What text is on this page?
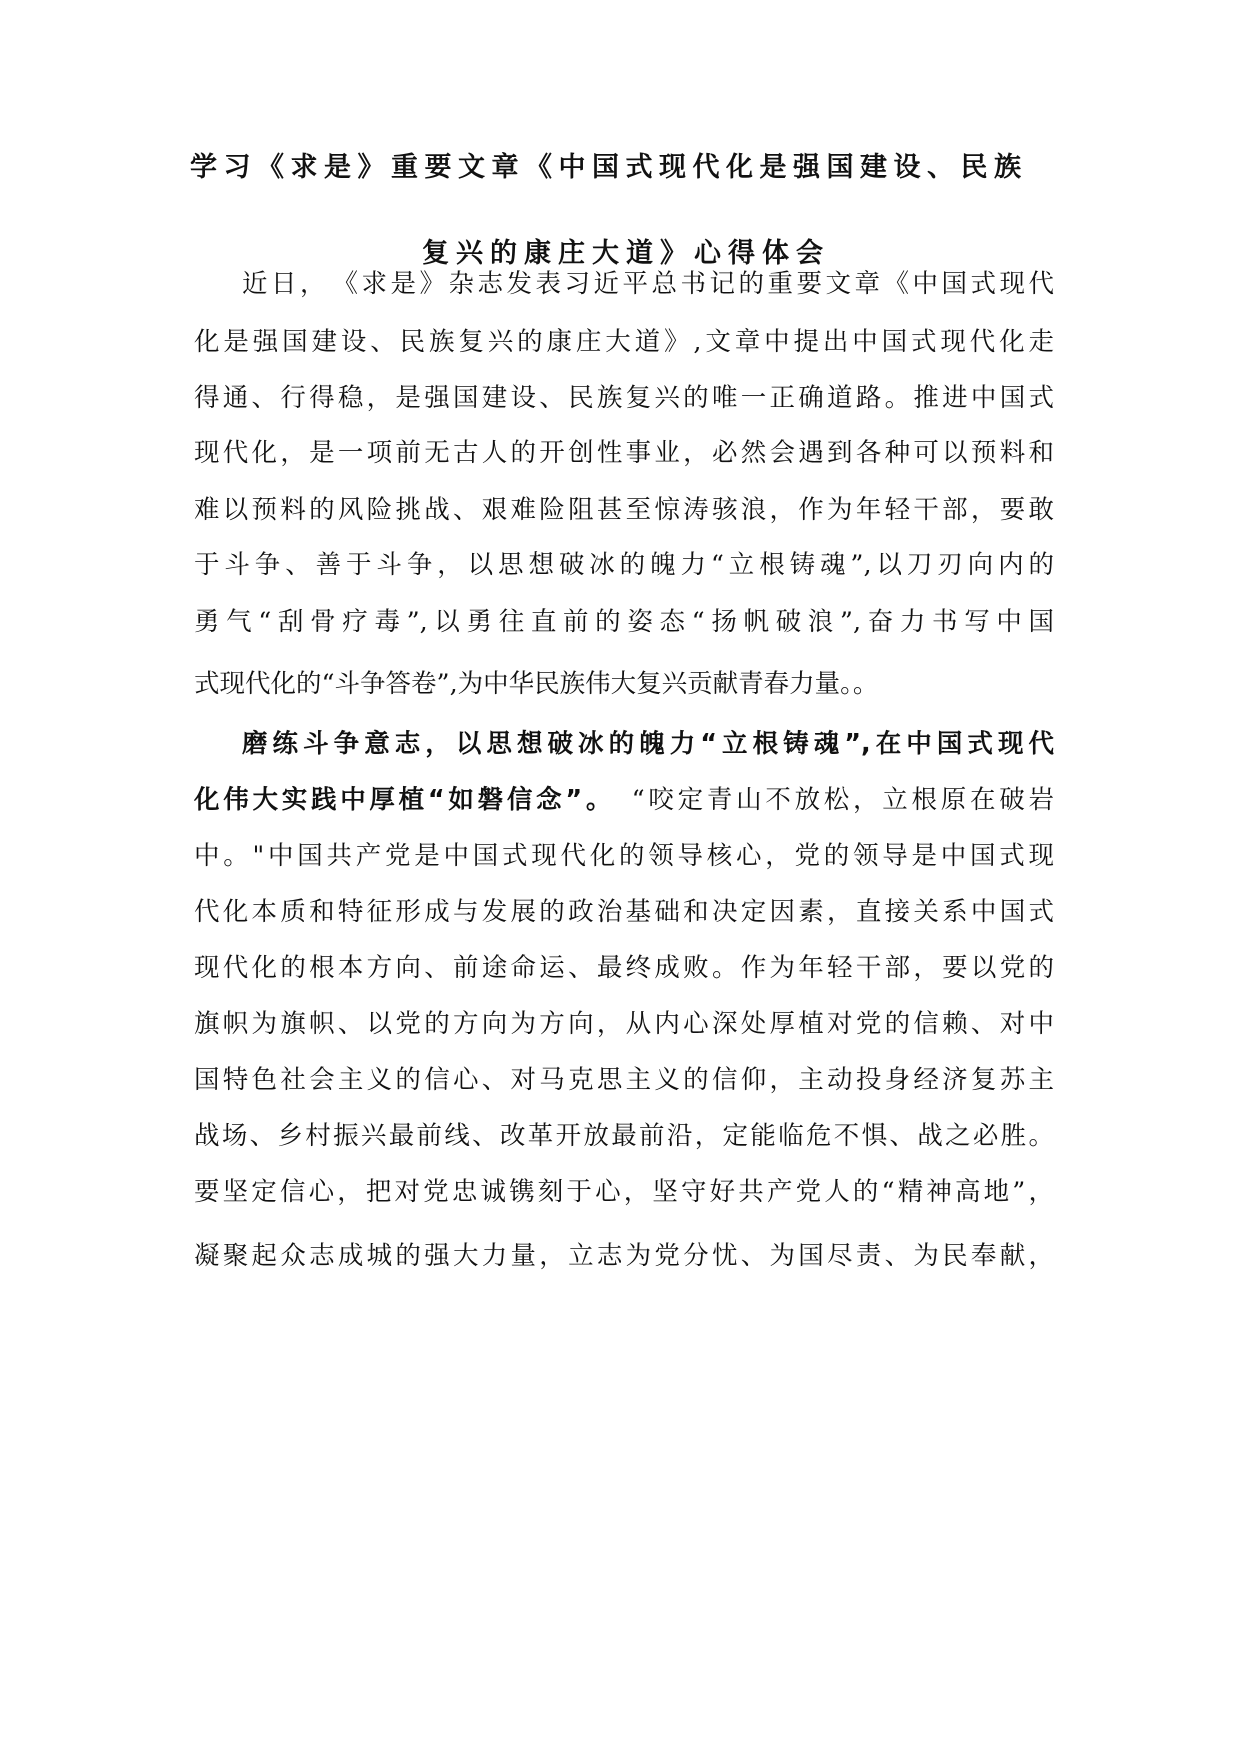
学习《求是》重要文章《中国式现代化是强国建设、民族
复兴的康庄大道》心得体会

近日，　《求是》杂志发表习近平总书记的重要文章《中国式现代

化是强国建设、民族复兴的康庄大道》,文章中提出中国式现代化走

得通、行得稳，是强国建设、民族复兴的唯一正确道路。推进中国式

现代化，是一项前无古人的开创性事业，必然会遇到各种可以预料和

难以预料的风险挑战、艰难险阻甚至惊涛骇浪，作为年轻干部，要敢

于斗争、善于斗争，以思想破冰的魄力“立根铸魂”,以刀刃向内的

勇气“刮骨疗毒”,以勇往直前的姿态“扬帆破浪”,奋力书写中国

式现代化的“斗争答卷”,为中华民族伟大复兴贡献青春力量。。

磨练斗争意志，以思想破冰的魄力“立根铸魂”,在中国式现代

化伟大实践中厚植“如磐信念”。　“咬定青山不放松，立根原在破岩

中。"中国共产党是中国式现代化的领导核心，党的领导是中国式现

代化本质和特征形成与发展的政治基础和决定因素，直接关系中国式

现代化的根本方向、前途命运、最终成败。作为年轻干部，要以党的

旗帜为旗帜、以党的方向为方向，从内心深处厚植对党的信赖、对中

国特色社会主义的信心、对马克思主义的信仰，主动投身经济复苏主

战场、乡村振兴最前线、改革开放最前沿，定能临危不惧、战之必胜。

要坚定信心，把对党忠诚镌刻于心，坚守好共产党人的“精神高地”，

凝聚起众志成城的强大力量，立志为党分忧、为国尽责、为民奉献，
